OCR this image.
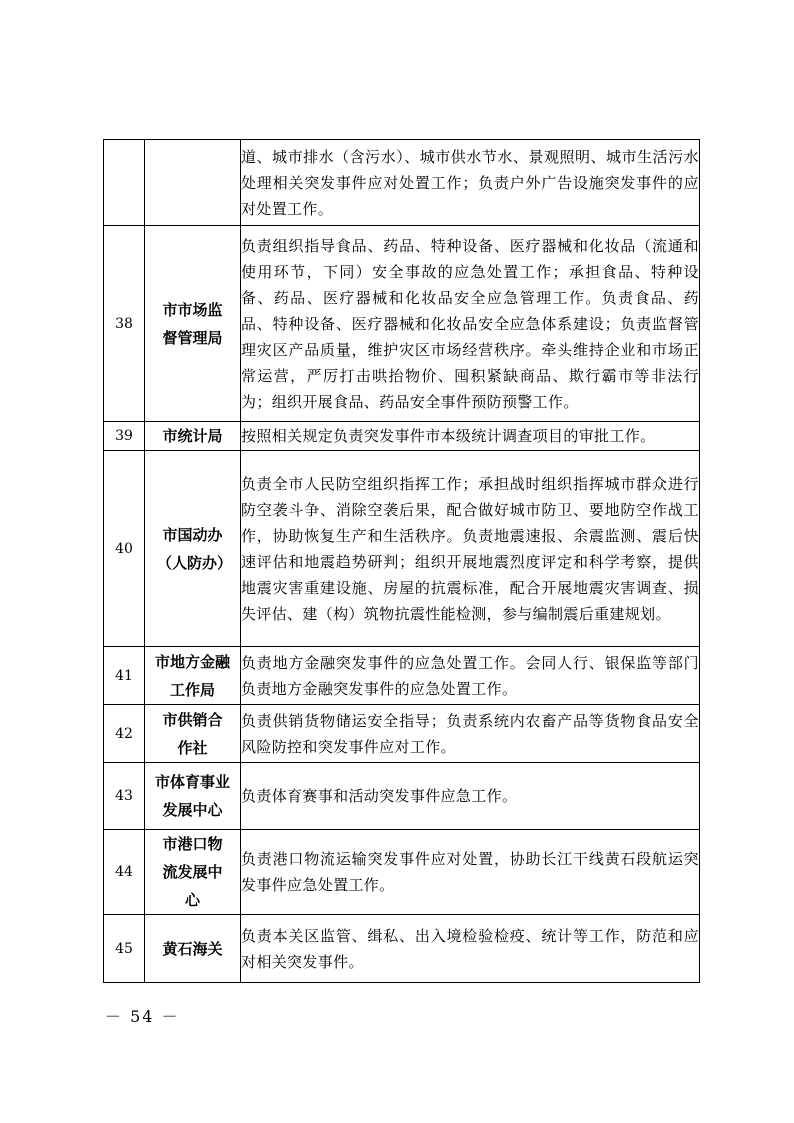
		道、城市排水（含污水）、城市供水节水、景观照明、城市生活污水处理相关突发事件应对处置工作；负责户外广告设施突发事件的应对处置工作。
38	市市场监督管理局	负责组织指导食品、药品、特种设备、医疗器械和化妆品（流通和使用环节，下同）安全事故的应急处置工作；承担食品、特种设备、药品、医疗器械和化妆品安全应急管理工作。负责食品、药品、特种设备、医疗器械和化妆品安全应急体系建设；负责监督管理灾区产品质量，维护灾区市场经营秩序。牵头维持企业和市场正常运营，严厉打击哄抬物价、囤积紧缺商品、欺行霸市等非法行为；组织开展食品、药品安全事件预防预警工作。
39	市统计局	按照相关规定负责突发事件市本级统计调查项目的审批工作。
40	市国动办（人防办）	负责全市人民防空组织指挥工作；承担战时组织指挥城市群众进行防空袭斗争、消除空袭后果，配合做好城市防卫、要地防空作战工作，协助恢复生产和生活秩序。负责地震速报、余震监测、震后快速评估和地震趋势研判；组织开展地震烈度评定和科学考察，提供地震灾害重建设施、房屋的抗震标准，配合开展地震灾害调查、损失评估、建（构）筑物抗震性能检测，参与编制震后重建规划。
41	市地方金融工作局	负责地方金融突发事件的应急处置工作。会同人行、银保监等部门负责地方金融突发事件的应急处置工作。
42	市供销合作社	负责供销货物储运安全指导；负责系统内农畜产品等货物食品安全风险防控和突发事件应对工作。
43	市体育事业发展中心	负责体育赛事和活动突发事件应急工作。
44	市港口物流发展中心	负责港口物流运输突发事件应对处置，协助长江干线黄石段航运突发事件应急处置工作。
45	黄石海关	负责本关区监管、缉私、出入境检验检疫、统计等工作，防范和应对相关突发事件。
－ 54 －
